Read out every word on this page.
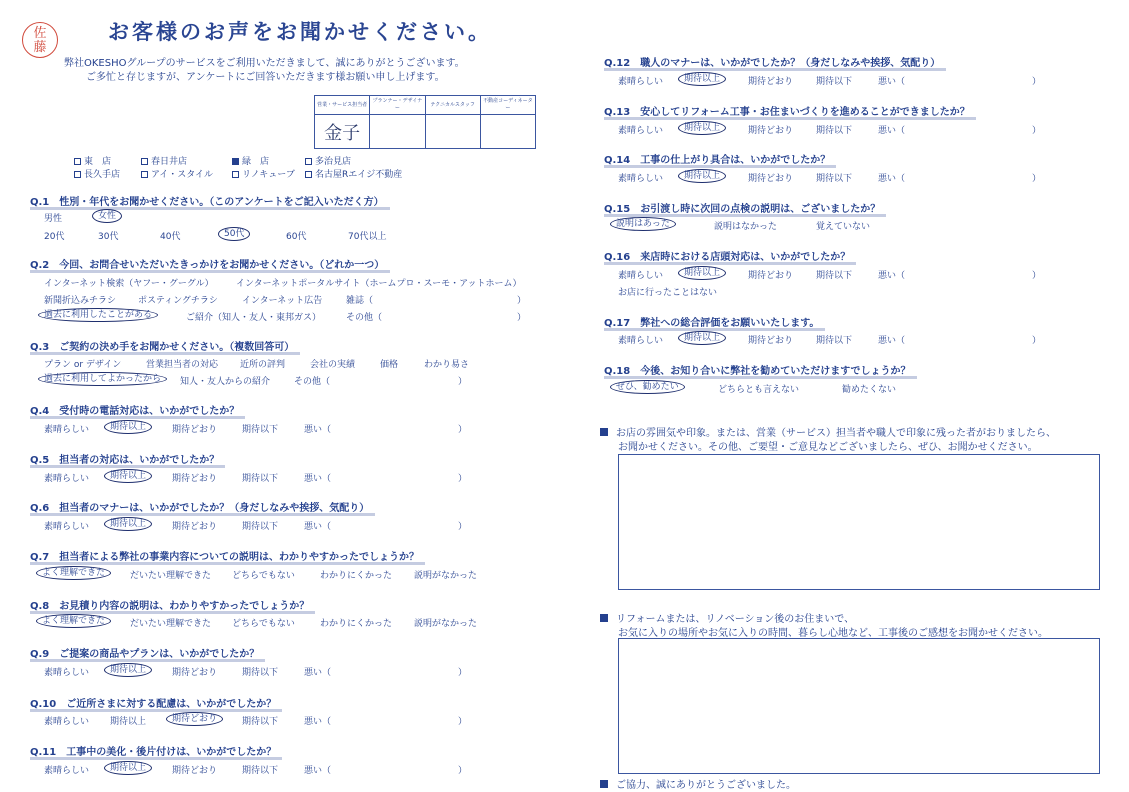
佐
藤
お客様のお声をお聞かせください。
弊社OKESHOグループのサービスをご利用いただきまして、誠にありがとうございます。
ご多忙と存じますが、アンケートにご回答いただきます様お願い申し上げます。
営業・サービス担当者	プランナー・デザイナー	テクニカルスタッフ	不動産コーディネーター
金子			
東　店	春日井店	緑　店	多治見店
長久手店	アイ・スタイル	リノキューブ	名古屋Rエイジ不動産
Q.1　性別・年代をお聞かせください。（このアンケートをご記入いただく方）
男性	女性
20代	30代	40代	50代	60代	70代以上
Q.2　今回、お問合せいただいたきっかけをお聞かせください。（どれか一つ）
インターネット検索（ヤフー・グーグル） インターネットポータルサイト（ホームプロ・スーモ・アットホーム）
新聞折込みチラシ ポスティングチラシ	インターネット広告	雑誌（	）
過去に利用したことがある	ご紹介（知人・友人・東邦ガス）	その他（	）
Q.3　ご契約の決め手をお聞かせください。（複数回答可）
プラン or デザイン	営業担当者の対応 近所の評判	会社の実績	価格	わかり易さ
過去に利用してよかったから	知人・友人からの紹介	その他（	）
Q.4　受付時の電話対応は、いかがでしたか？
素晴らしい	期待以上	期待どおり	期待以下	悪い（	）
Q.5　担当者の対応は、いかがでしたか？
素晴らしい	期待以上	期待どおり	期待以下	悪い（	）
Q.6　担当者のマナーは、いかがでしたか？（身だしなみや挨拶、気配り）
素晴らしい	期待以上	期待どおり	期待以下	悪い（	）
Q.7　担当者による弊社の事業内容についての説明は、わかりやすかったでしょうか？
よく理解できた	だいたい理解できた どちらでもない	わかりにくかった 説明がなかった
Q.8　お見積り内容の説明は、わかりやすかったでしょうか？
よく理解できた	だいたい理解できた どちらでもない	わかりにくかった 説明がなかった
Q.9　ご提案の商品やプランは、いかがでしたか？
素晴らしい	期待以上	期待どおり	期待以下	悪い（	）
Q.10　ご近所さまに対する配慮は、いかがでしたか？
素晴らしい 期待以上	期待どおり	期待以下	悪い（	）
Q.11　工事中の美化・後片付けは、いかがでしたか？
素晴らしい	期待以上	期待どおり	期待以下	悪い（	）
Q.12　職人のマナーは、いかがでしたか？（身だしなみや挨拶、気配り）
素晴らしい	期待以上	期待どおり	期待以下	悪い（	）
Q.13　安心してリフォーム工事・お住まいづくりを進めることができましたか？
素晴らしい	期待以上	期待どおり	期待以下	悪い（	）
Q.14　工事の仕上がり具合は、いかがでしたか？
素晴らしい	期待以上	期待どおり	期待以下	悪い（	）
Q.15　お引渡し時に次回の点検の説明は、ございましたか？
説明はあった	説明はなかった	覚えていない
Q.16　来店時における店頭対応は、いかがでしたか？
素晴らしい	期待以上	期待どおり	期待以下	悪い（	）
お店に行ったことはない
Q.17　弊社への総合評価をお願いいたします。
素晴らしい	期待以上	期待どおり	期待以下	悪い（	）
Q.18　今後、お知り合いに弊社を勧めていただけますでしょうか？
ぜひ、勧めたい	どちらとも言えない	勧めたくない
お店の雰囲気や印象。または、営業（サービス）担当者や職人で印象に残った者がおりましたら、
お聞かせください。その他、ご要望・ご意見などございましたら、ぜひ、お聞かせください。
リフォームまたは、リノベーション後のお住まいで、
お気に入りの場所やお気に入りの時間、暮らし心地など、工事後のご感想をお聞かせください。
ご協力、誠にありがとうございました。
